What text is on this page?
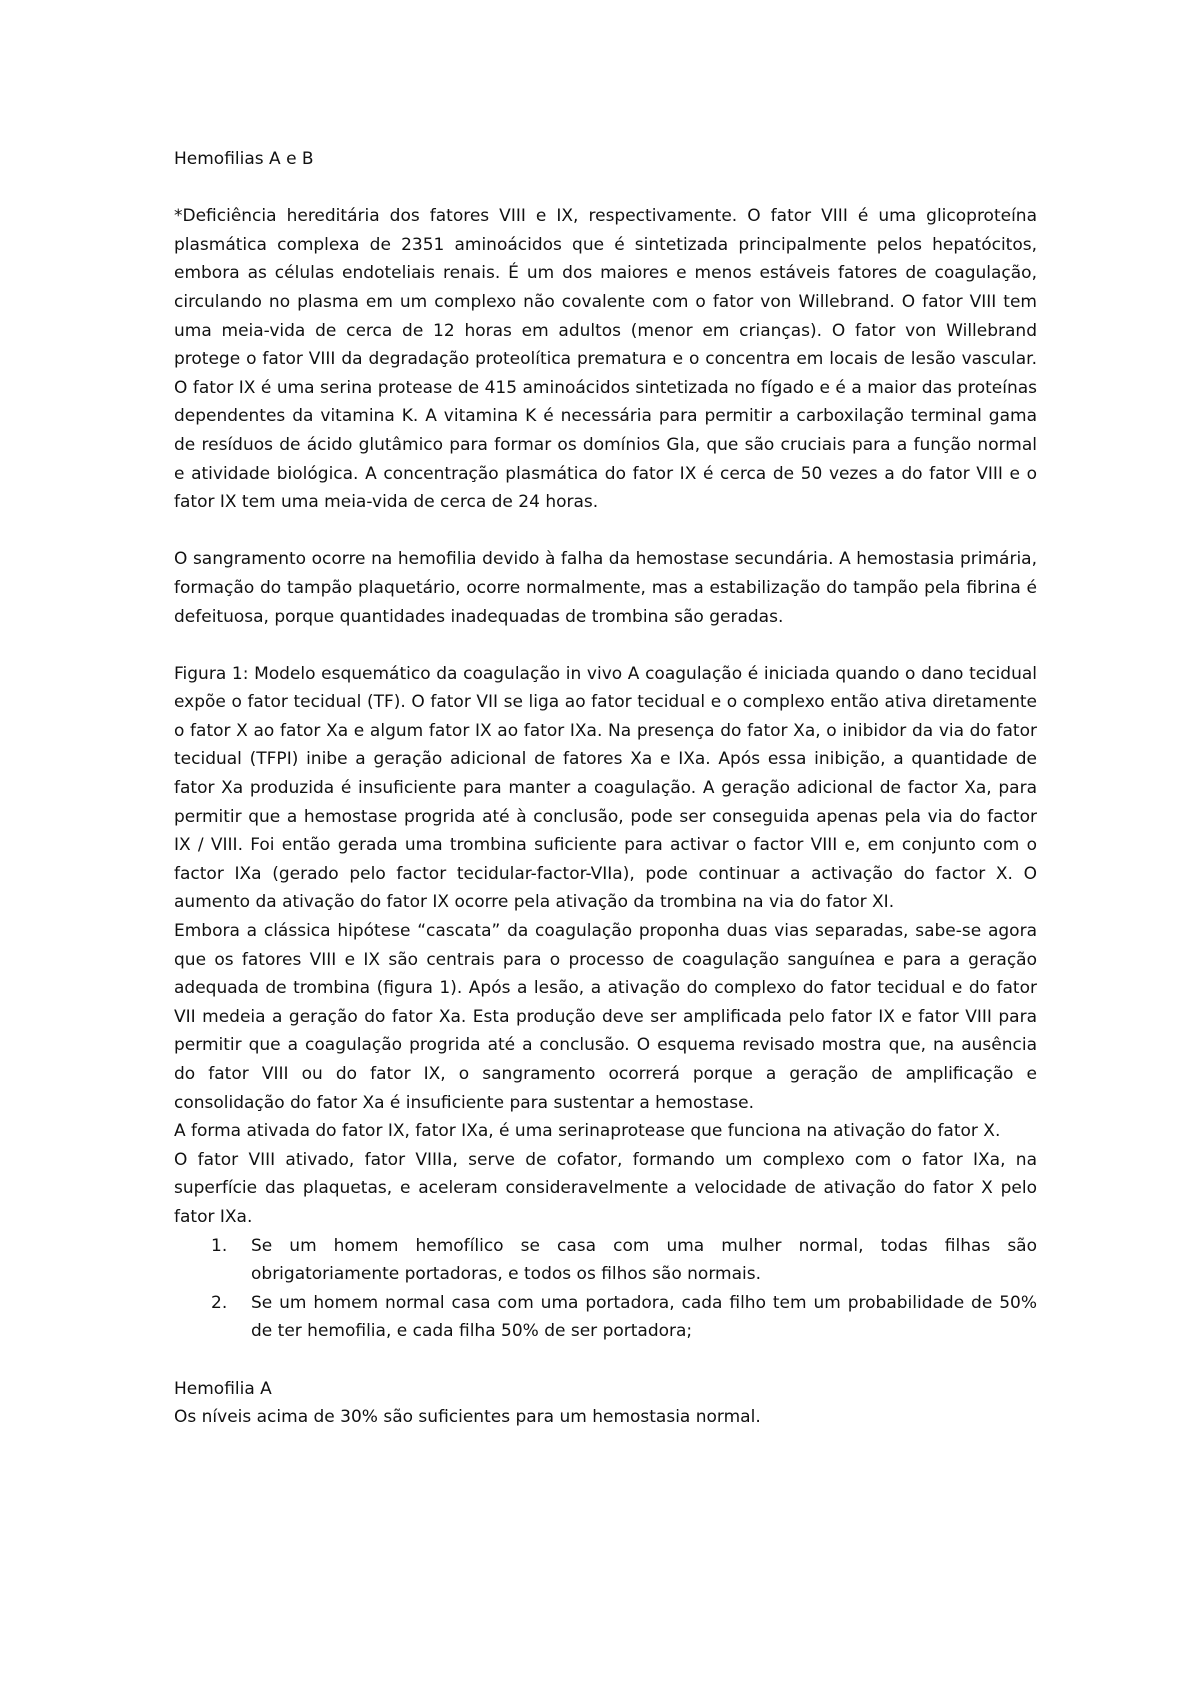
Hemofilias A e B

*Deficiência hereditária dos fatores VIII e IX, respectivamente. O fator VIII é uma glicoproteína plasmática complexa de 2351 aminoácidos que é sintetizada principalmente pelos hepatócitos, embora as células endoteliais renais. É um dos maiores e menos estáveis fatores de coagulação, circulando no plasma em um complexo não covalente com o fator von Willebrand. O fator VIII tem uma meia-vida de cerca de 12 horas em adultos (menor em crianças). O fator von Willebrand protege o fator VIII da degradação proteolítica prematura e o concentra em locais de lesão vascular. O fator IX é uma serina protease de 415 aminoácidos sintetizada no fígado e é a maior das proteínas dependentes da vitamina K. A vitamina K é necessária para permitir a carboxilação terminal gama de resíduos de ácido glutâmico para formar os domínios Gla, que são cruciais para a função normal e atividade biológica. A concentração plasmática do fator IX é cerca de 50 vezes a do fator VIII e o fator IX tem uma meia-vida de cerca de 24 horas.

O sangramento ocorre na hemofilia devido à falha da hemostase secundária. A hemostasia primária, formação do tampão plaquetário, ocorre normalmente, mas a estabilização do tampão pela fibrina é defeituosa, porque quantidades inadequadas de trombina são geradas.

Figura 1: Modelo esquemático da coagulação in vivo A coagulação é iniciada quando o dano tecidual expõe o fator tecidual (TF). O fator VII se liga ao fator tecidual e o complexo então ativa diretamente o fator X ao fator Xa e algum fator IX ao fator IXa. Na presença do fator Xa, o inibidor da via do fator tecidual (TFPI) inibe a geração adicional de fatores Xa e IXa. Após essa inibição, a quantidade de fator Xa produzida é insuficiente para manter a coagulação. A geração adicional de factor Xa, para permitir que a hemostase progrida até à conclusão, pode ser conseguida apenas pela via do factor IX / VIII. Foi então gerada uma trombina suficiente para activar o factor VIII e, em conjunto com o factor IXa (gerado pelo factor tecidular-factor-VIIa), pode continuar a activação do factor X. O aumento da ativação do fator IX ocorre pela ativação da trombina na via do fator XI.

Embora a clássica hipótese “cascata” da coagulação proponha duas vias separadas, sabe-se agora que os fatores VIII e IX são centrais para o processo de coagulação sanguínea e para a geração adequada de trombina (figura 1). Após a lesão, a ativação do complexo do fator tecidual e do fator VII medeia a geração do fator Xa. Esta produção deve ser amplificada pelo fator IX e fator VIII para permitir que a coagulação progrida até a conclusão. O esquema revisado mostra que, na ausência do fator VIII ou do fator IX, o sangramento ocorrerá porque a geração de amplificação e consolidação do fator Xa é insuficiente para sustentar a hemostase.

A forma ativada do fator IX, fator IXa, é uma serinaprotease que funciona na ativação do fator X.

O fator VIII ativado, fator VIIIa, serve de cofator, formando um complexo com o fator IXa, na superfície das plaquetas, e aceleram consideravelmente a velocidade de ativação do fator X pelo fator IXa.

1. Se um homem hemofílico se casa com uma mulher normal, todas filhas são obrigatoriamente portadoras, e todos os filhos são normais.
2. Se um homem normal casa com uma portadora, cada filho tem um probabilidade de 50% de ter hemofilia, e cada filha 50% de ser portadora;

Hemofilia A

Os níveis acima de 30% são suficientes para um hemostasia normal.
